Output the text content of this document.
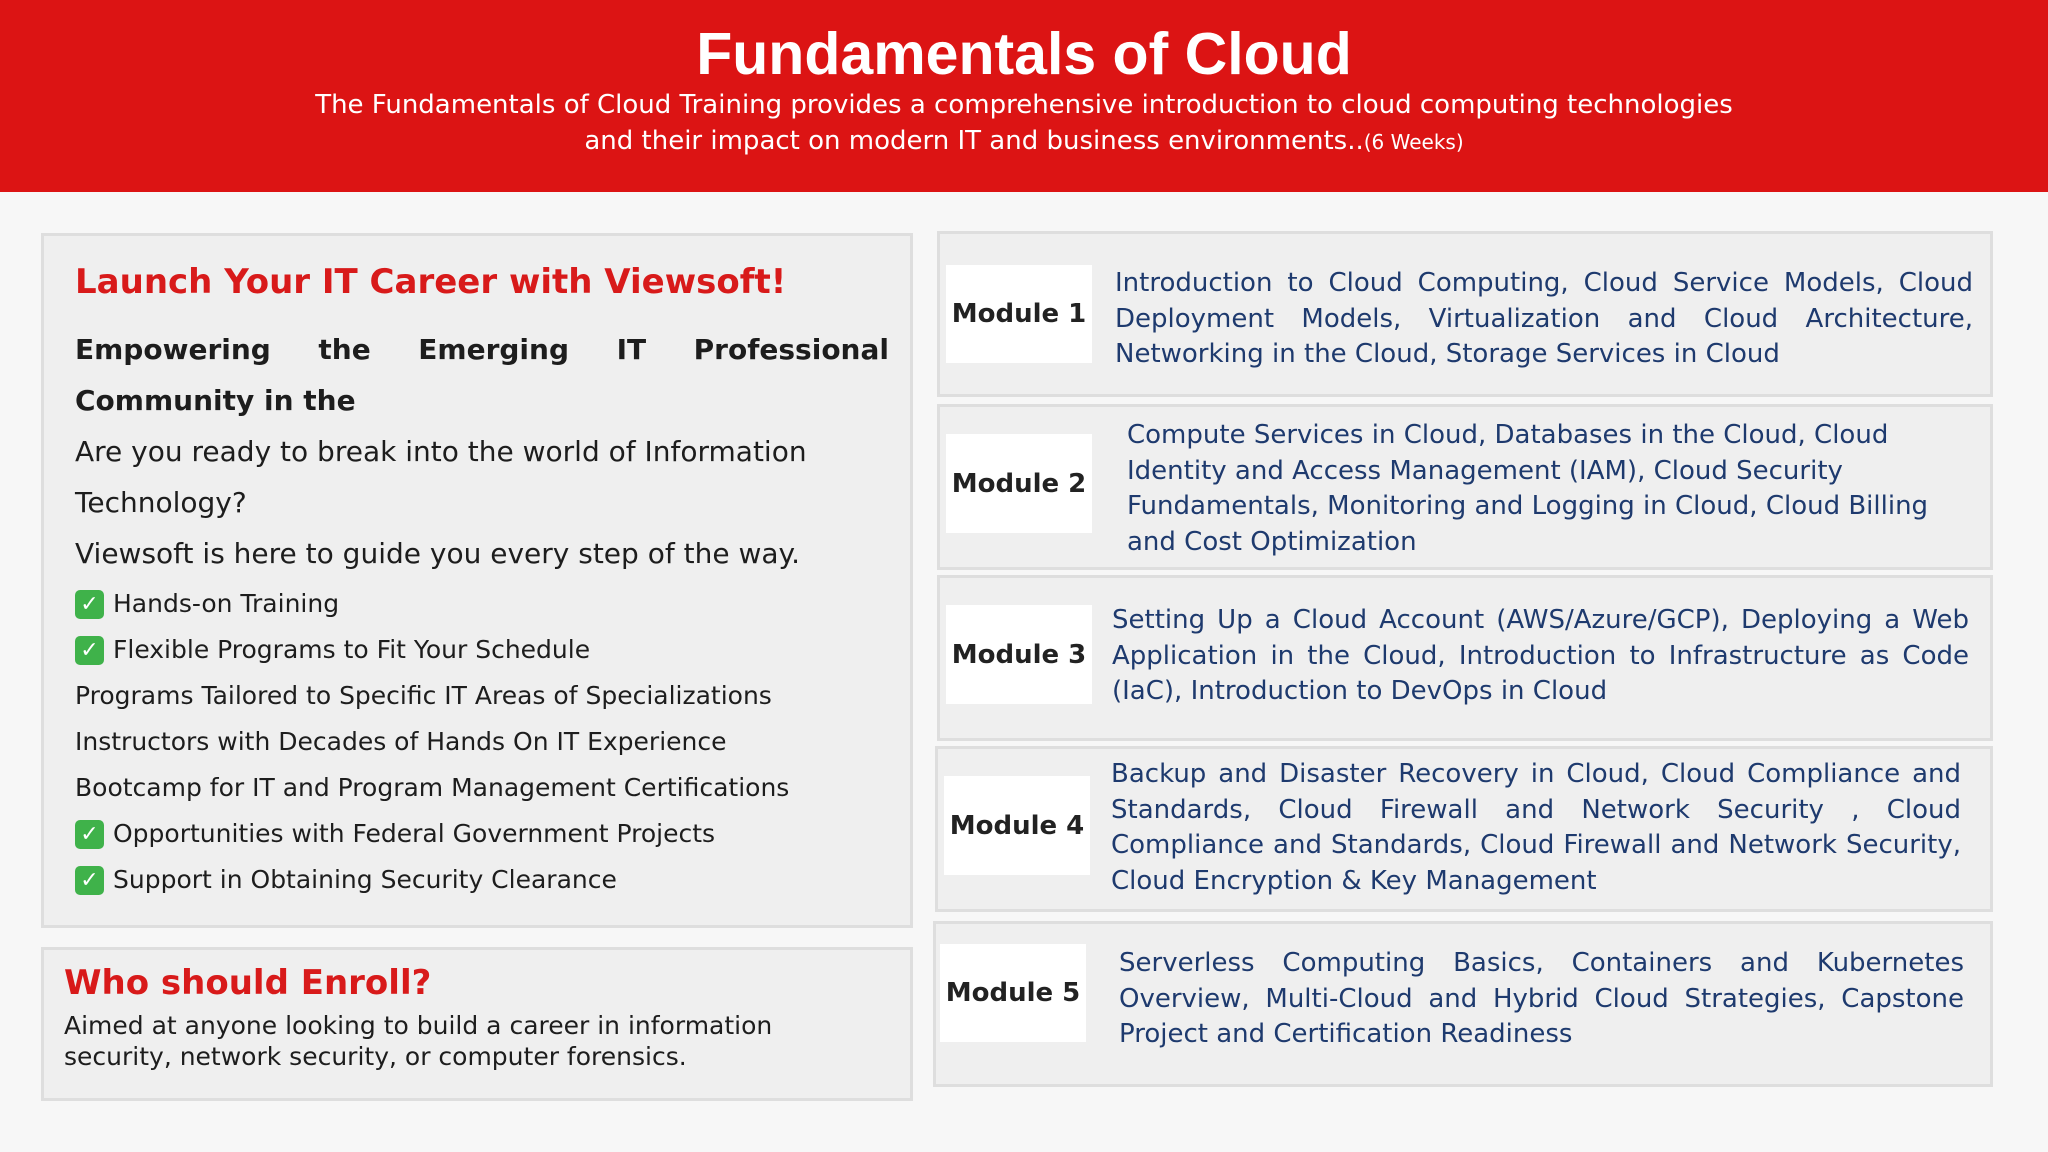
Fundamentals of Cloud
The Fundamentals of Cloud Training provides a comprehensive introduction to cloud computing technologies
and their impact on modern IT and business environments..(6 Weeks)
Launch Your IT Career with Viewsoft!
Empowering the Emerging IT Professional Community in the
Are you ready to break into the world of Information Technology?
Viewsoft is here to guide you every step of the way.
✓ Hands-on Training
✓ Flexible Programs to Fit Your Schedule
Programs Tailored to Specific IT Areas of Specializations
Instructors with Decades of Hands On IT Experience
Bootcamp for IT and Program Management Certifications
✓ Opportunities with Federal Government Projects
✓ Support in Obtaining Security Clearance
Who should Enroll?
Aimed at anyone looking to build a career in information security, network security, or computer forensics.
Module 1
Introduction to Cloud Computing, Cloud Service Models, Cloud Deployment Models, Virtualization and Cloud Architecture, Networking in the Cloud, Storage Services in Cloud
Module 2
Compute Services in Cloud, Databases in the Cloud, Cloud Identity and Access Management (IAM), Cloud Security Fundamentals, Monitoring and Logging in Cloud, Cloud Billing and Cost Optimization
Module 3
Setting Up a Cloud Account (AWS/Azure/GCP), Deploying a Web Application in the Cloud, Introduction to Infrastructure as Code (IaC), Introduction to DevOps in Cloud
Module 4
Backup and Disaster Recovery in Cloud, Cloud Compliance and Standards, Cloud Firewall and Network Security , Cloud Compliance and Standards, Cloud Firewall and Network Security, Cloud Encryption & Key Management
Module 5
Serverless Computing Basics, Containers and Kubernetes Overview, Multi-Cloud and Hybrid Cloud Strategies, Capstone Project and Certification Readiness
